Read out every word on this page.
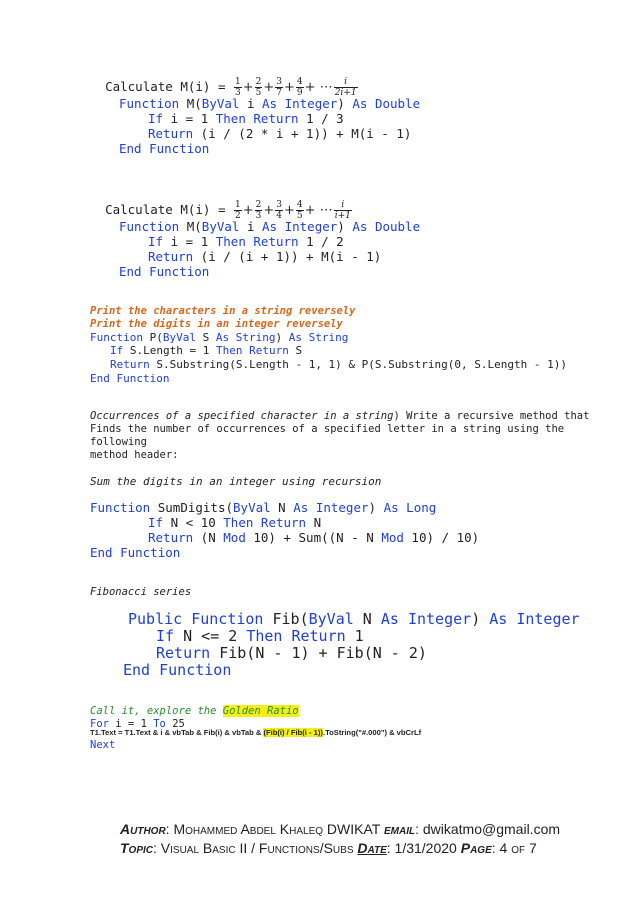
Calculate $M(i) = \frac{1}{3} + \frac{2}{5} + \frac{3}{7} + \frac{4}{9}$ + ⋯ $\frac{i}{2i+1}$

Function M(ByVal i As Integer) As Double
If i = 1 Then Return 1 / 3
Return (i / (2 * i + 1)) + M(i - 1)
End Function

Calculate $M(i) = \frac{1}{2} + \frac{2}{3} + \frac{3}{4} + \frac{4}{5}$ + ⋯ $\frac{i}{i+1}$

Function M(ByVal i As Integer) As Double
If i = 1 Then Return 1 / 2
Return (i / (i + 1)) + M(i - 1)
End Function
Print the characters in a string reversely
Print the digits in an integer reversely
Function P(ByVal S As String) As String
If S.Length = 1 Then Return S
Return S.Substring(S.Length - 1, 1) & P(S.Substring(0, S.Length - 1))
End Function
Occurrences of a specified character in a string) Write a recursive method that
Finds the number of occurrences of a specified letter in a string using the
following
method header:
Sum the digits in an integer using recursion
Function SumDigits(ByVal N As Integer) As Long
If N < 10 Then Return N
Return (N Mod 10) + Sum((N - N Mod 10) / 10)
End Function
Fibonacci series
Public Function Fib(ByVal N As Integer) As Integer
If N <= 2 Then Return 1
Return Fib(N - 1) + Fib(N - 2)
End Function
Call it, explore the Golden Ratio
For i = 1 To 25
T1.Text = T1.Text & i & vbTab & Fib(i) & vbTab & (Fib(i) / Fib(i - 1)).ToString("#.000") & vbCrLf
Next
Author: Mohammed Abdel Khaleq DWIKAT email: dwikatmo@gmail.com
Topic: Visual Basic II / Functions/Subs Date: 1/31/2020 Page: 4 of 7
